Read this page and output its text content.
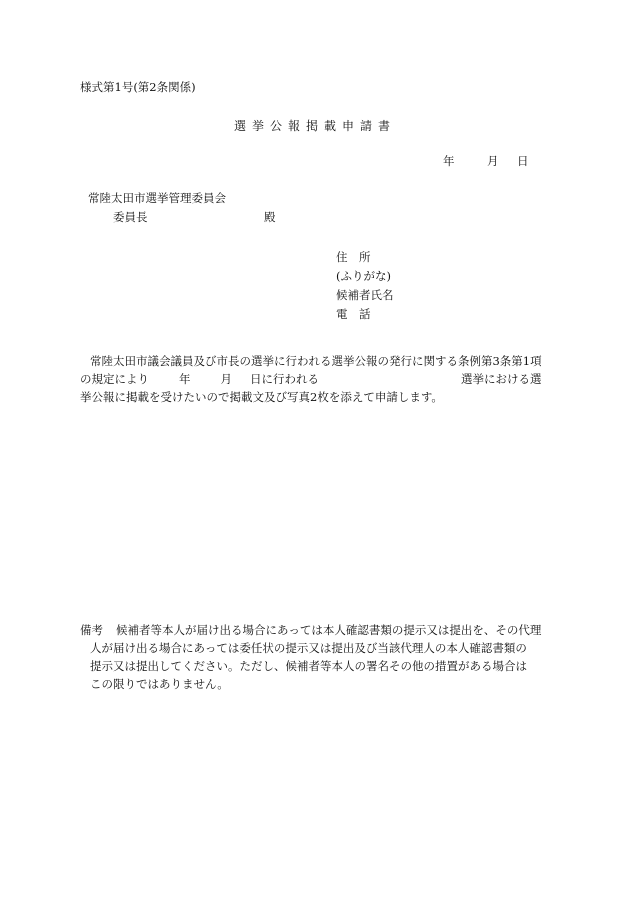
様式第1号(第2条関係)
選挙公報掲載申請書
年	月 日
常陸太田市選挙管理委員会
委員長	殿
住　所
(ふりがな)
候補者氏名
電　話

常陸太田市議会議員及び市長の選挙に行われる選挙公報の発行に関する条例第3条第1項

の規定により	年	月 日に行われる	選挙における選

挙公報に掲載を受けたいので掲載文及び写真2枚を添えて申請します。

備考 候補者等本人が届け出る場合にあっては本人確認書類の提示又は提出を、その代理
人が届け出る場合にあっては委任状の提示又は提出及び当該代理人の本人確認書類の
提示又は提出してください。ただし、候補者等本人の署名その他の措置がある場合は
この限りではありません。
